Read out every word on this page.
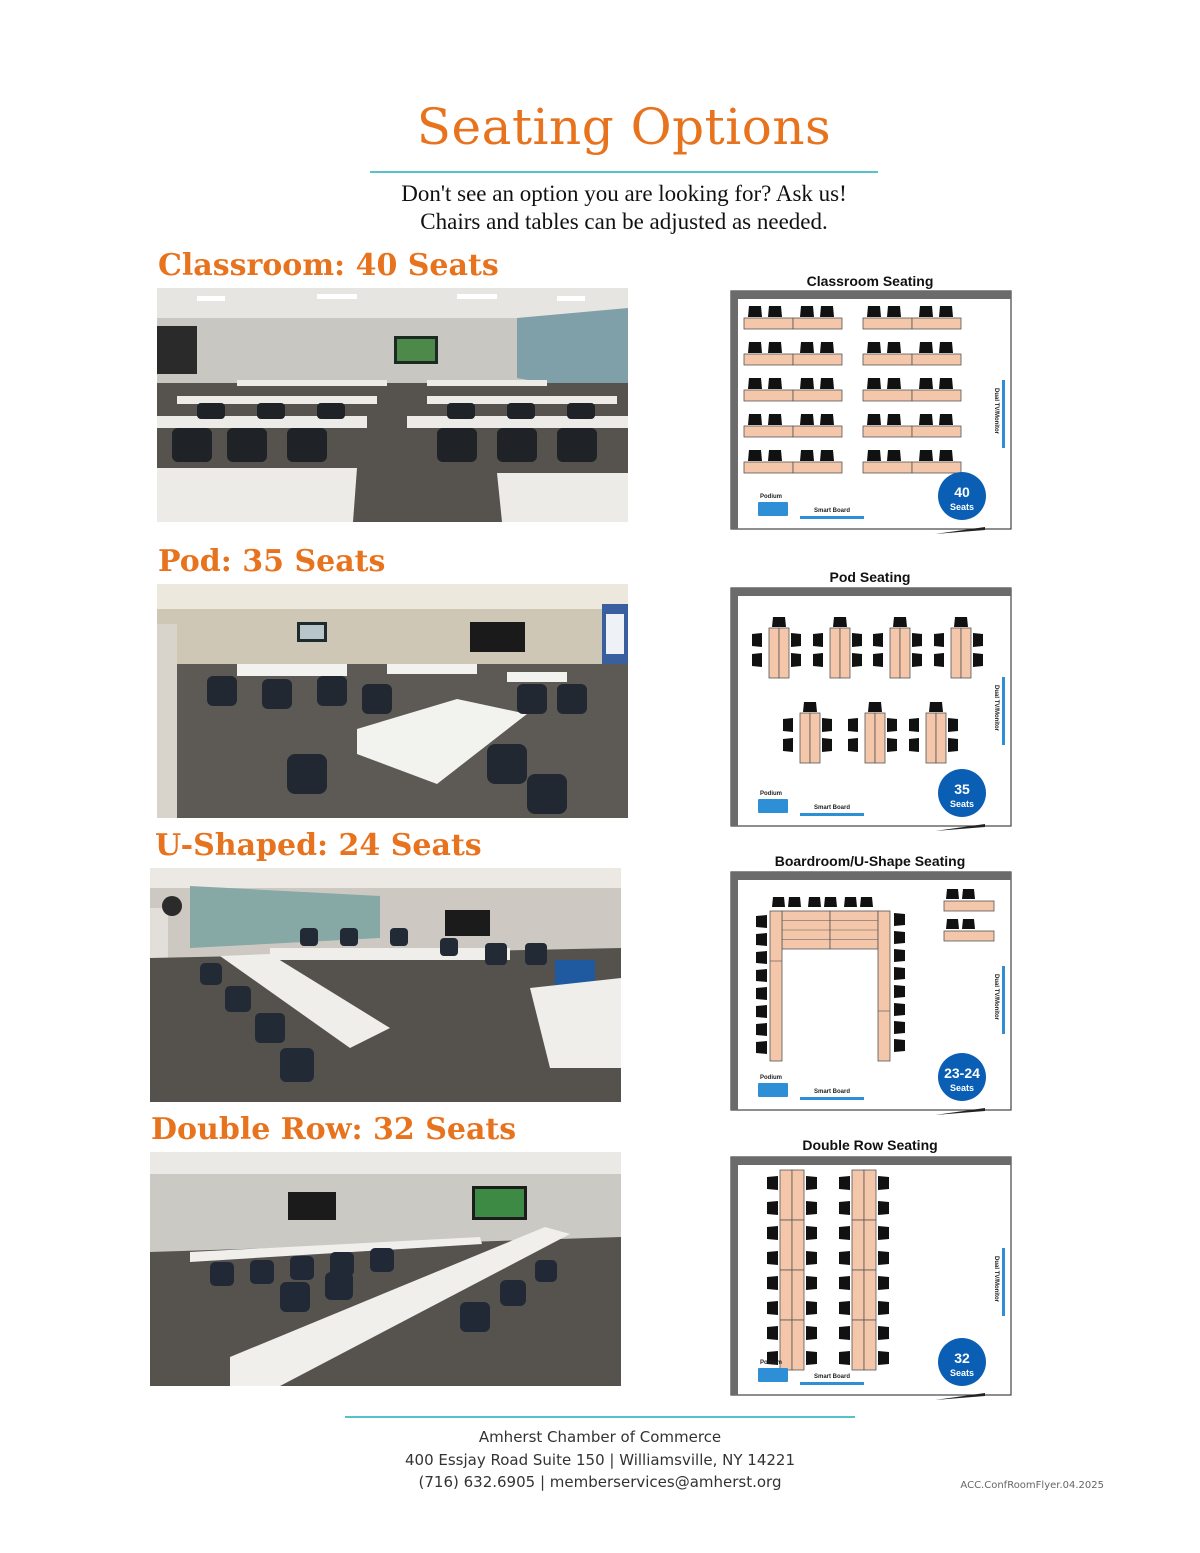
Seating Options
Don't see an option you are looking for? Ask us!
Chairs and tables can be adjusted as needed.
Classroom: 40 Seats
Pod: 35 Seats
U-Shaped: 24 Seats
Double Row: 32 Seats
Classroom Seating
Pod Seating
Boardroom/U-Shape Seating
Double Row Seating
Dual TV/Monitor
Podium
Smart Board
40
Seats
Dual TV/Monitor
Podium
Smart Board
35
Seats
Dual TV/Monitor
Podium
Smart Board
23-24
Seats
Dual TV/Monitor
Podium
Smart Board
32
Seats
Amherst Chamber of Commerce
400 Essjay Road Suite 150 | Williamsville, NY 14221
(716) 632.6905 | memberservices@amherst.org	ACC.ConfRoomFlyer.04.2025
